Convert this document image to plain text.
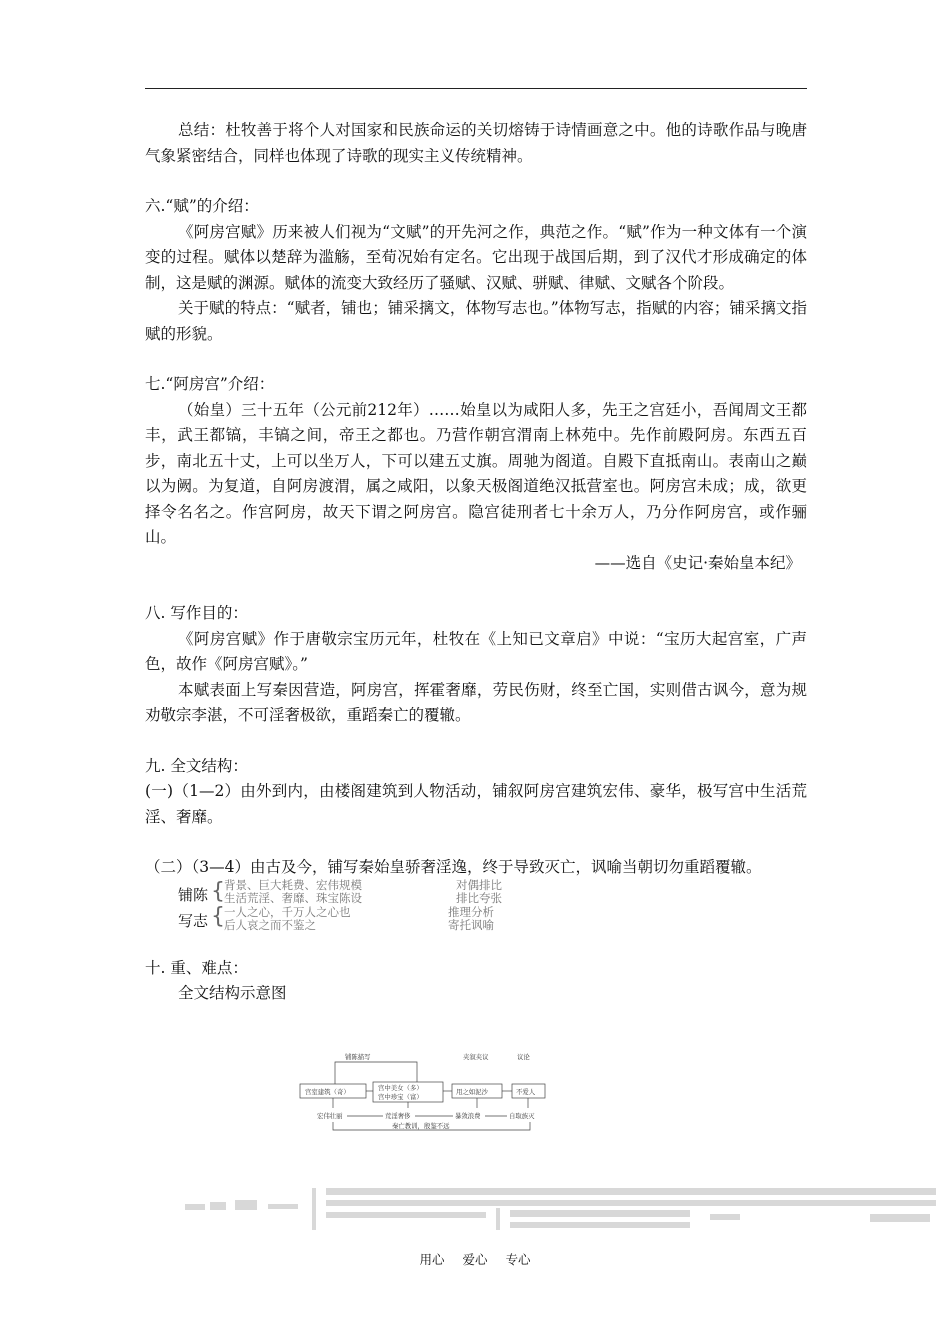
总结：杜牧善于将个人对国家和民族命运的关切熔铸于诗情画意之中。他的诗歌作品与晚唐气象紧密结合，同样也体现了诗歌的现实主义传统精神。

六.“赋”的介绍：

《阿房宫赋》历来被人们视为“文赋”的开先河之作，典范之作。“赋”作为一种文体有一个演变的过程。赋体以楚辞为滥觞，至荀况始有定名。它出现于战国后期，到了汉代才形成确定的体制，这是赋的渊源。赋体的流变大致经历了骚赋、汉赋、骈赋、律赋、文赋各个阶段。

关于赋的特点：“赋者，铺也；铺采摛文，体物写志也。”体物写志，指赋的内容；铺采摛文指赋的形貌。

七.“阿房宫”介绍：

（始皇）三十五年（公元前212年）……始皇以为咸阳人多，先王之宫廷小，吾闻周文王都丰，武王都镐，丰镐之间，帝王之都也。乃营作朝宫渭南上林苑中。先作前殿阿房。东西五百步，南北五十丈，上可以坐万人，下可以建五丈旗。周驰为阁道。自殿下直抵南山。表南山之巅以为阙。为复道，自阿房渡渭，属之咸阳，以象天极阁道绝汉抵营室也。阿房宫未成；成，欲更择令名名之。作宫阿房，故天下谓之阿房宫。隐宫徒刑者七十余万人，乃分作阿房宫，或作骊山。

——选自《史记·秦始皇本纪》

八. 写作目的：

《阿房宫赋》作于唐敬宗宝历元年，杜牧在《上知已文章启》中说：“宝历大起宫室，广声色，故作《阿房宫赋》。”

本赋表面上写秦因营造，阿房宫，挥霍奢靡，劳民伤财，终至亡国，实则借古讽今，意为规劝敬宗李湛，不可淫奢极欲，重蹈秦亡的覆辙。

九. 全文结构：

(一)（1—2）由外到内，由楼阁建筑到人物活动，铺叙阿房宫建筑宏伟、豪华，极写宫中生活荒淫、奢靡。

（二）（3—4）由古及今，铺写秦始皇骄奢淫逸，终于导致灭亡，讽喻当朝切勿重蹈覆辙。

铺陈
写志
{
{
背景、巨大耗费、宏伟规模	对偶排比
生活荒淫、奢靡、珠宝陈设	排比夸张
一人之心，千万人之心也	推理分析
后人哀之而不鉴之	寄托讽喻

十. 重、难点：

全文结构示意图

铺陈描写	夹叙夹议	议论
宫室建筑（奇）	宫中美女（多）
宫中珍宝（富）
用之如泥沙	不爱人
宏伟壮丽	荒淫奢侈	暴敛浪费	自取族灭
秦亡教训，殷鉴不远
用心 爱心 专心
